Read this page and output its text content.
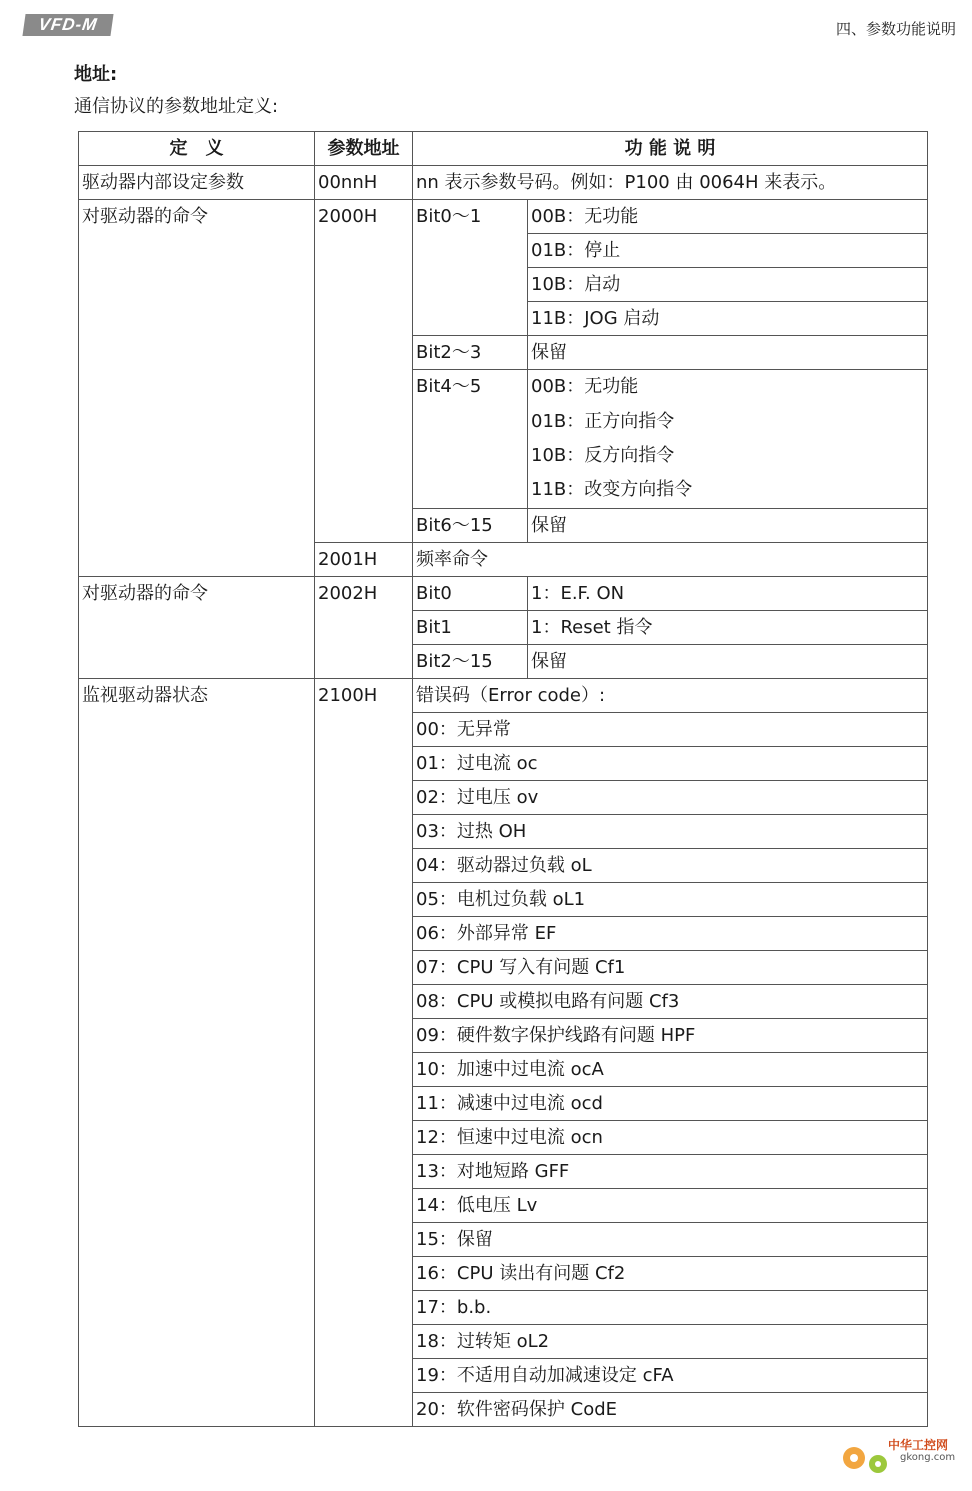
VFD-M	四、参数功能说明
地址:
通信协议的参数地址定义:
定　义	参数地址	功 能 说 明	
驱动器内部设定参数	00nnH	nn 表示参数号码。例如：P100 由 0064H 来表示。	
对驱动器的命令	2000H	Bit0～1	00B：无功能
			01B：停止
			10B：启动
			11B：JOG 启动
		Bit2～3	保留
		Bit4～5	00B：无功能
			01B：正方向指令
			10B：反方向指令
			11B：改变方向指令
		Bit6～15	保留
	2001H	频率命令	
对驱动器的命令	2002H	Bit0	1：E.F. ON
		Bit1	1：Reset 指令
		Bit2～15	保留
监视驱动器状态	2100H	错误码（Error code）:	
		00：无异常	
		01：过电流 oc	
		02：过电压 ov	
		03：过热 OH	
		04：驱动器过负载 oL	
		05：电机过负载 oL1	
		06：外部异常 EF	
		07：CPU 写入有问题 Cf1	
		08：CPU 或模拟电路有问题 Cf3	
		09：硬件数字保护线路有问题 HPF	
		10：加速中过电流 ocA	
		11：减速中过电流 ocd	
		12：恒速中过电流 ocn	
		13：对地短路 GFF	
		14：低电压 Lv	
		15：保留	
		16：CPU 读出有问题 Cf2	
		17：b.b.	
		18：过转矩 oL2	
		19：不适用自动加减速设定 cFA	
		20：软件密码保护 CodE	
中华工控网
gkong.com
